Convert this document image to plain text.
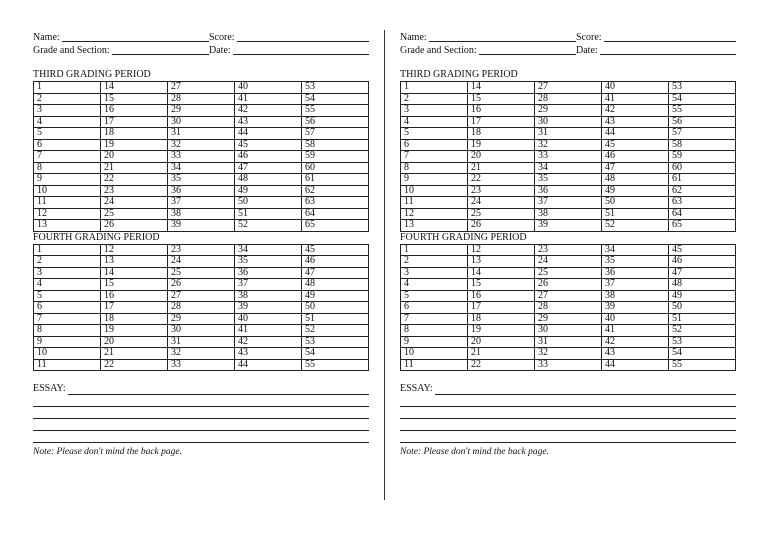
Name:	Score:
Grade and Section:	Date:
THIRD GRADING PERIOD
1	14	27	40	53
2	15	28	41	54
3	16	29	42	55
4	17	30	43	56
5	18	31	44	57
6	19	32	45	58
7	20	33	46	59
8	21	34	47	60
9	22	35	48	61
10	23	36	49	62
11	24	37	50	63
12	25	38	51	64
13	26	39	52	65
FOURTH GRADING PERIOD
1	12	23	34	45
2	13	24	35	46
3	14	25	36	47
4	15	26	37	48
5	16	27	38	49
6	17	28	39	50
7	18	29	40	51
8	19	30	41	52
9	20	31	42	53
10	21	32	43	54
11	22	33	44	55
ESSAY:
Note: Please don't mind the back page.
Name:	Score:
Grade and Section:	Date:
THIRD GRADING PERIOD
1	14	27	40	53
2	15	28	41	54
3	16	29	42	55
4	17	30	43	56
5	18	31	44	57
6	19	32	45	58
7	20	33	46	59
8	21	34	47	60
9	22	35	48	61
10	23	36	49	62
11	24	37	50	63
12	25	38	51	64
13	26	39	52	65
FOURTH GRADING PERIOD
1	12	23	34	45
2	13	24	35	46
3	14	25	36	47
4	15	26	37	48
5	16	27	38	49
6	17	28	39	50
7	18	29	40	51
8	19	30	41	52
9	20	31	42	53
10	21	32	43	54
11	22	33	44	55
ESSAY:
Note: Please don't mind the back page.
